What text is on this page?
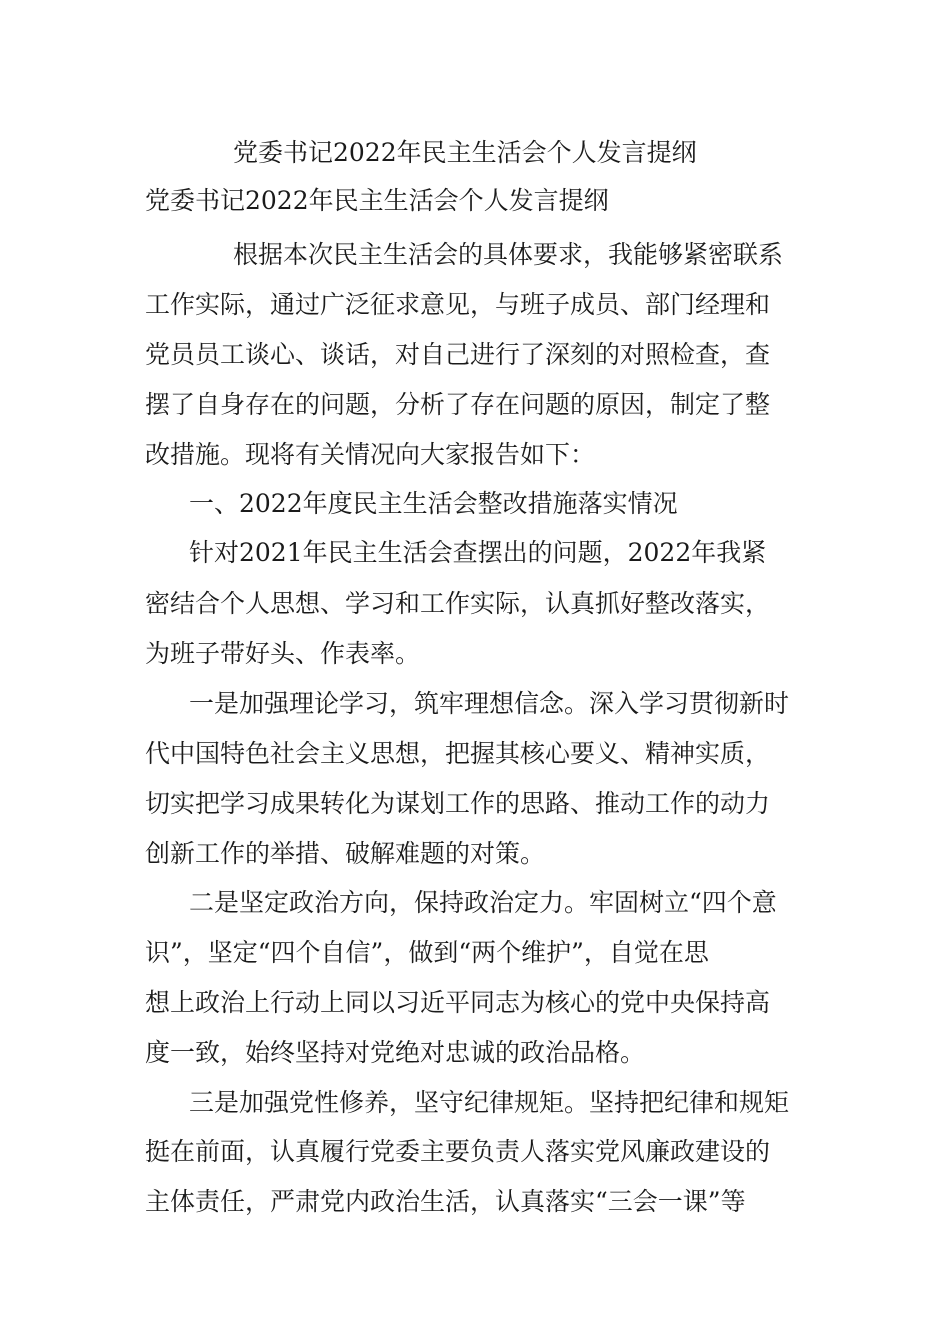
党委书记2022年民主生活会个人发言提纲
党委书记2022年民主生活会个人发言提纲
根据本次民主生活会的具体要求，我能够紧密联系
工作实际，通过广泛征求意见，与班子成员、部门经理和
党员员工谈心、谈话，对自己进行了深刻的对照检查，查
摆了自身存在的问题，分析了存在问题的原因，制定了整
改措施。现将有关情况向大家报告如下：
一、2022年度民主生活会整改措施落实情况
针对2021年民主生活会查摆出的问题，2022年我紧
密结合个人思想、学习和工作实际，认真抓好整改落实，
为班子带好头、作表率。
一是加强理论学习，筑牢理想信念。深入学习贯彻新时
代中国特色社会主义思想，把握其核心要义、精神实质，
切实把学习成果转化为谋划工作的思路、推动工作的动力
创新工作的举措、破解难题的对策。
二是坚定政治方向，保持政治定力。牢固树立“四个意
识”，坚定“四个自信”，做到“两个维护”，自觉在思
想上政治上行动上同以习近平同志为核心的党中央保持高
度一致，始终坚持对党绝对忠诚的政治品格。
三是加强党性修养，坚守纪律规矩。坚持把纪律和规矩
挺在前面，认真履行党委主要负责人落实党风廉政建设的
主体责任，严肃党内政治生活，认真落实“三会一课”等
